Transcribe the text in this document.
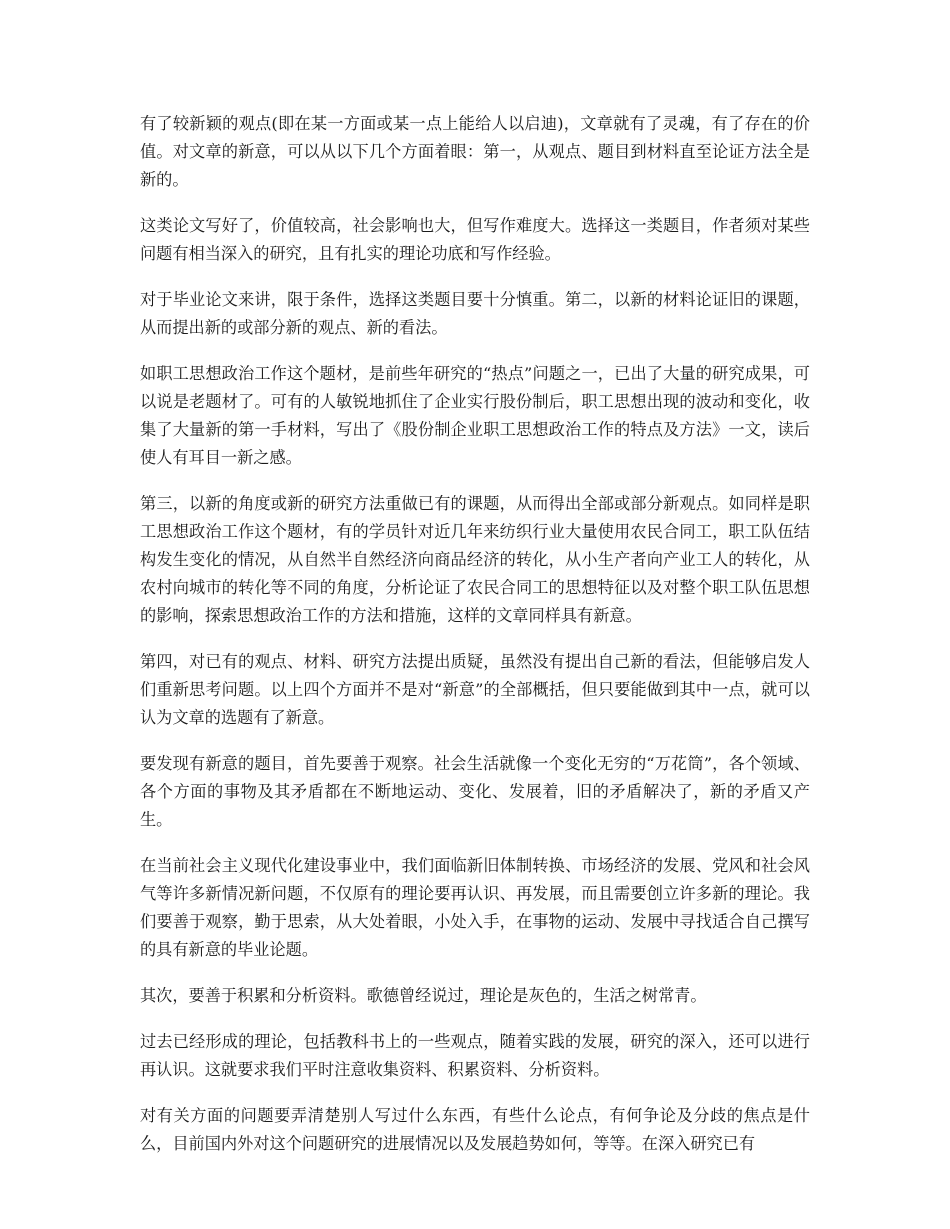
有了较新颖的观点(即在某一方面或某一点上能给人以启迪)，文章就有了灵魂，有了存在的价值。对文章的新意，可以从以下几个方面着眼：第一，从观点、题目到材料直至论证方法全是新的。

这类论文写好了，价值较高，社会影响也大，但写作难度大。选择这一类题目，作者须对某些问题有相当深入的研究，且有扎实的理论功底和写作经验。

对于毕业论文来讲，限于条件，选择这类题目要十分慎重。第二，以新的材料论证旧的课题，从而提出新的或部分新的观点、新的看法。

如职工思想政治工作这个题材，是前些年研究的“热点”问题之一，已出了大量的研究成果，可以说是老题材了。可有的人敏锐地抓住了企业实行股份制后，职工思想出现的波动和变化，收集了大量新的第一手材料，写出了《股份制企业职工思想政治工作的特点及方法》一文，读后使人有耳目一新之感。

第三，以新的角度或新的研究方法重做已有的课题，从而得出全部或部分新观点。如同样是职工思想政治工作这个题材，有的学员针对近几年来纺织行业大量使用农民合同工，职工队伍结构发生变化的情况，从自然半自然经济向商品经济的转化，从小生产者向产业工人的转化，从农村向城市的转化等不同的角度，分析论证了农民合同工的思想特征以及对整个职工队伍思想的影响，探索思想政治工作的方法和措施，这样的文章同样具有新意。

第四，对已有的观点、材料、研究方法提出质疑，虽然没有提出自己新的看法，但能够启发人们重新思考问题。以上四个方面并不是对“新意”的全部概括，但只要能做到其中一点，就可以认为文章的选题有了新意。

要发现有新意的题目，首先要善于观察。社会生活就像一个变化无穷的“万花筒”，各个领域、各个方面的事物及其矛盾都在不断地运动、变化、发展着，旧的矛盾解决了，新的矛盾又产生。

在当前社会主义现代化建设事业中，我们面临新旧体制转换、市场经济的发展、党风和社会风气等许多新情况新问题，不仅原有的理论要再认识、再发展，而且需要创立许多新的理论。我们要善于观察，勤于思索，从大处着眼，小处入手，在事物的运动、发展中寻找适合自己撰写的具有新意的毕业论题。

其次，要善于积累和分析资料。歌德曾经说过，理论是灰色的，生活之树常青。

过去已经形成的理论，包括教科书上的一些观点，随着实践的发展，研究的深入，还可以进行再认识。这就要求我们平时注意收集资料、积累资料、分析资料。

对有关方面的问题要弄清楚别人写过什么东西，有些什么论点，有何争论及分歧的焦点是什么，目前国内外对这个问题研究的进展情况以及发展趋势如何，等等。在深入研究已有
